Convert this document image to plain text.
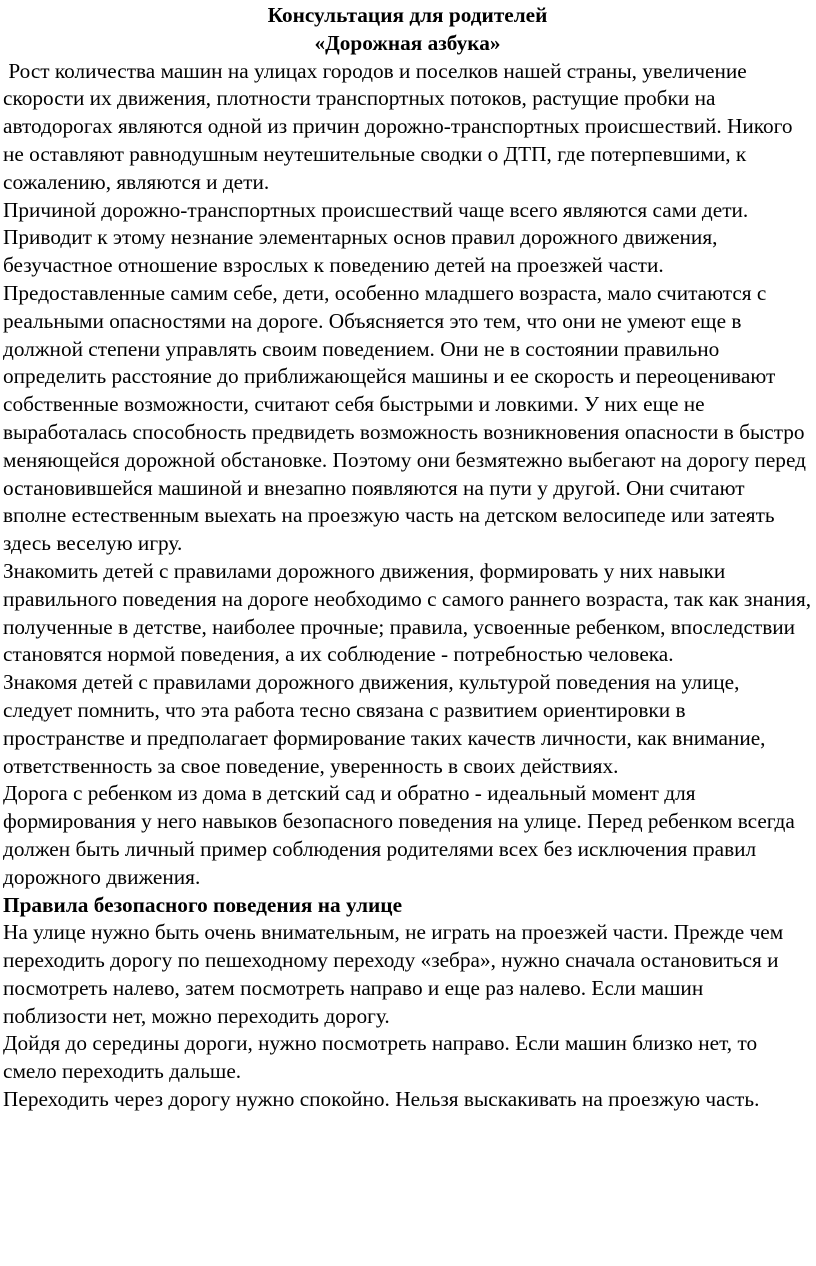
Консультация для родителей

«Дорожная азбука»

Рост количества машин на улицах городов и поселков нашей страны, увеличение скорости их движения, плотности транспортных потоков, растущие пробки на автодорогах являются одной из причин дорожно-транспортных происшествий. Никого не оставляют равнодушным неутешительные сводки о ДТП, где потерпевшими, к сожалению, являются и дети.

Причиной дорожно-транспортных происшествий чаще всего являются сами дети. Приводит к этому незнание элементарных основ правил дорожного движения, безучастное отношение взрослых к поведению детей на проезжей части. Предоставленные самим себе, дети, особенно младшего возраста, мало считаются с реальными опасностями на дороге. Объясняется это тем, что они не умеют еще в должной степени управлять своим поведением. Они не в состоянии правильно определить расстояние до приближающейся машины и ее скорость и переоценивают собственные возможности, считают себя быстрыми и ловкими. У них еще не выработалась способность предвидеть возможность возникновения опасности в быстро меняющейся дорожной обстановке. Поэтому они безмятежно выбегают на дорогу перед остановившейся машиной и внезапно появляются на пути у другой. Они считают вполне естественным выехать на проезжую часть на детском велосипеде или затеять здесь веселую игру.

Знакомить детей с правилами дорожного движения, формировать у них навыки правильного поведения на дороге необходимо с самого раннего возраста, так как знания, полученные в детстве, наиболее прочные; правила, усвоенные ребенком, впоследствии становятся нормой поведения, а их соблюдение - потребностью человека.

Знакомя детей с правилами дорожного движения, культурой поведения на улице, следует помнить, что эта работа тесно связана с развитием ориентировки в пространстве и предполагает формирование таких качеств личности, как внимание, ответственность за свое поведение, уверенность в своих действиях.

Дорога с ребенком из дома в детский сад и обратно - идеальный момент для формирования у него навыков безопасного поведения на улице. Перед ребенком всегда должен быть личный пример соблюдения родителями всех без исключения правил дорожного движения.

Правила безопасного поведения на улице

На улице нужно быть очень внимательным, не играть на проезжей части. Прежде чем переходить дорогу по пешеходному переходу «зебра», нужно сначала остановиться и посмотреть налево, затем посмотреть направо и еще раз налево. Если машин поблизости нет, можно переходить дорогу.

Дойдя до середины дороги, нужно посмотреть направо. Если машин близко нет, то смело переходить дальше.

Переходить через дорогу нужно спокойно. Нельзя выскакивать на проезжую часть.
